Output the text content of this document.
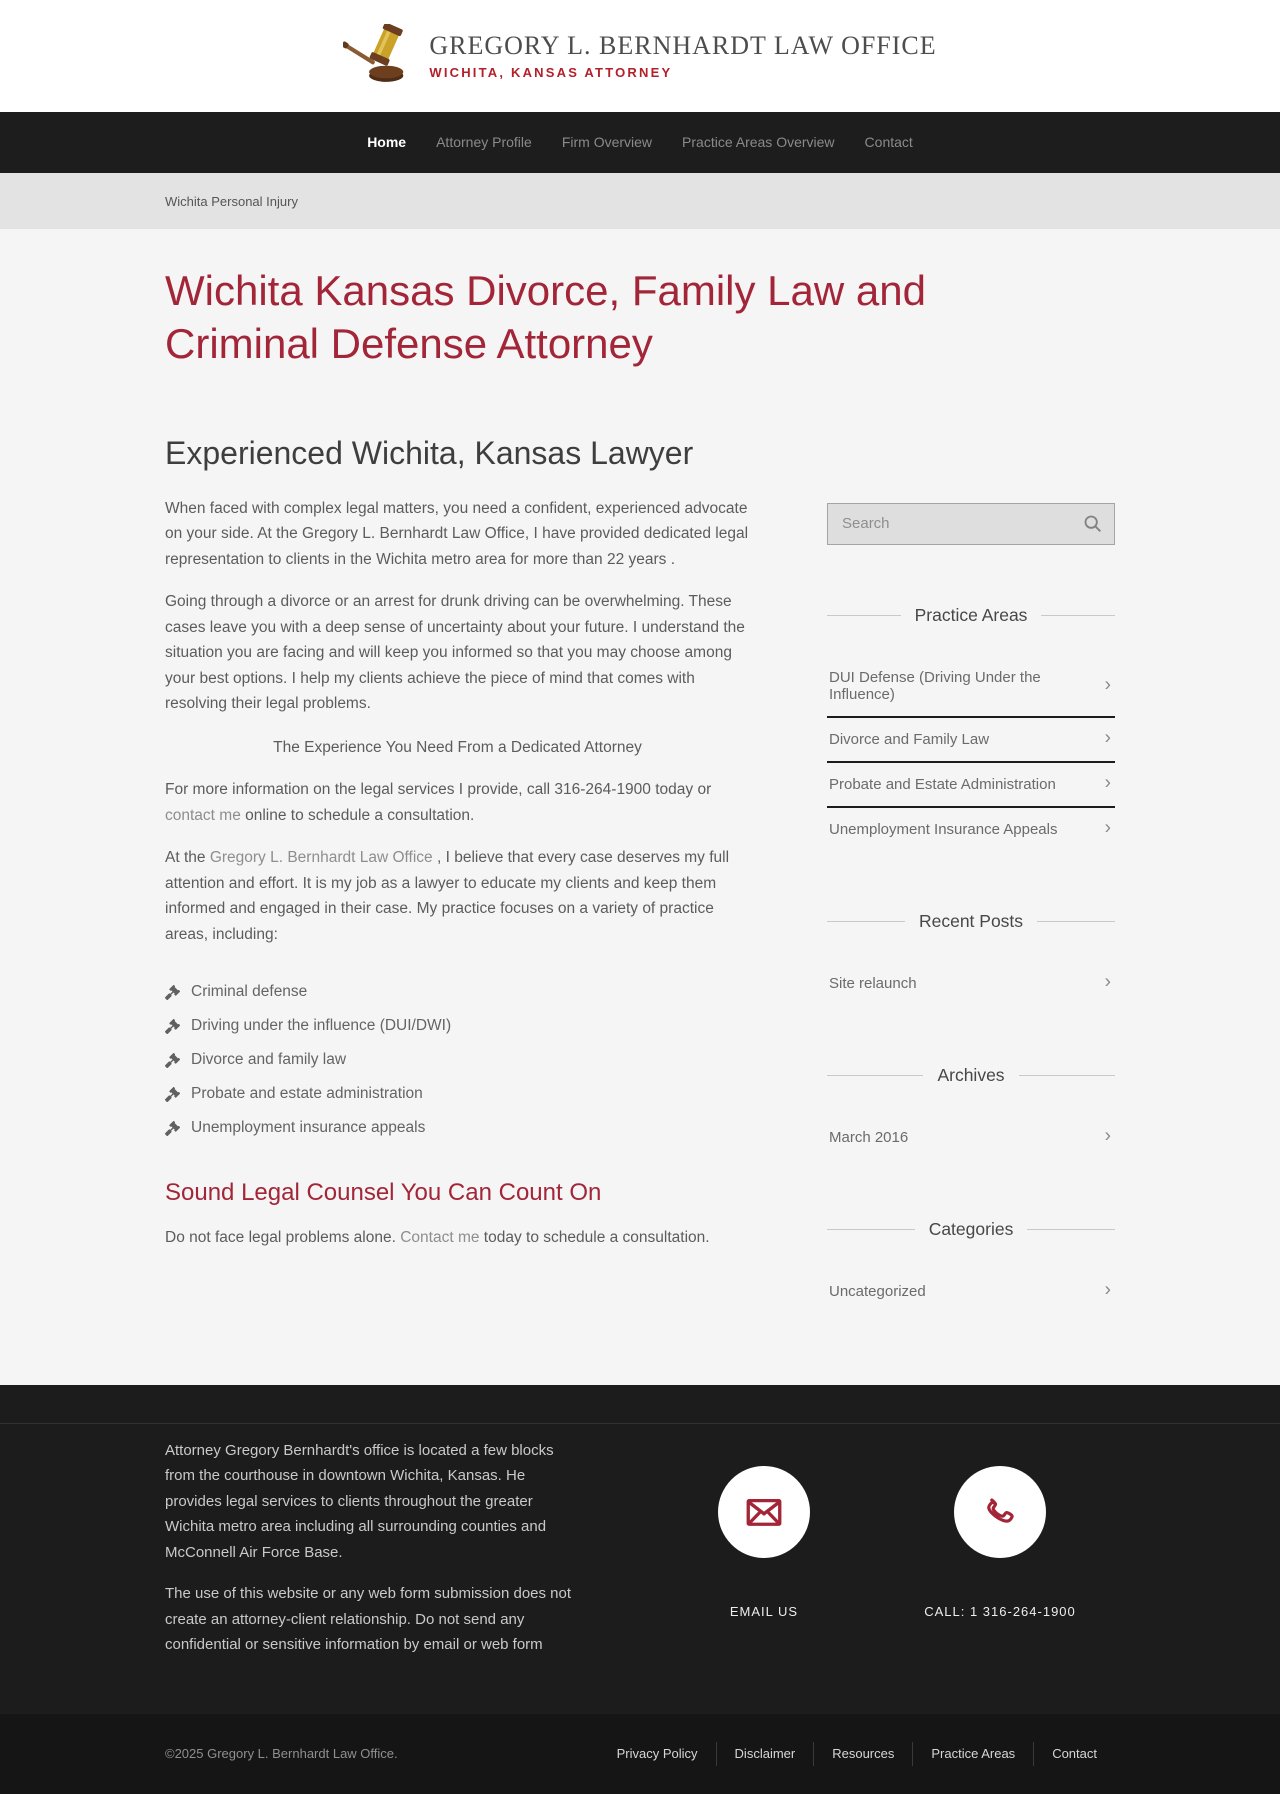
GREGORY L. BERNHARDT LAW OFFICE
WICHITA, KANSAS ATTORNEY
Home	Attorney Profile	Firm Overview	Practice Areas Overview	Contact
Wichita Personal Injury
Wichita Kansas Divorce, Family Law and Criminal Defense Attorney
Experienced Wichita, Kansas Lawyer

When faced with complex legal matters, you need a confident, experienced advocate on your side. At the Gregory L. Bernhardt Law Office, I have provided dedicated legal representation to clients in the Wichita metro area for more than 22 years .

Going through a divorce or an arrest for drunk driving can be overwhelming. These cases leave you with a deep sense of uncertainty about your future. I understand the situation you are facing and will keep you informed so that you may choose among your best options. I help my clients achieve the piece of mind that comes with resolving their legal problems.

The Experience You Need From a Dedicated Attorney

For more information on the legal services I provide, call 316-264-1900 today or contact me online to schedule a consultation.

At the Gregory L. Bernhardt Law Office , I believe that every case deserves my full attention and effort. It is my job as a lawyer to educate my clients and keep them informed and engaged in their case. My practice focuses on a variety of practice areas, including:

Criminal defense
Driving under the influence (DUI/DWI)
Divorce and family law
Probate and estate administration
Unemployment insurance appeals
Sound Legal Counsel You Can Count On

Do not face legal problems alone. Contact me today to schedule a consultation.

Search
Practice Areas
DUI Defense (Driving Under the Influence)	›
Divorce and Family Law	›
Probate and Estate Administration	›
Unemployment Insurance Appeals ›
Recent Posts
Site relaunch	›
Archives
March 2016	›
Categories
Uncategorized	›

Attorney Gregory Bernhardt's office is located a few blocks from the courthouse in downtown Wichita, Kansas. He provides legal services to clients throughout the greater Wichita metro area including all surrounding counties and McConnell Air Force Base.

The use of this website or any web form submission does not create an attorney-client relationship. Do not send any confidential or sensitive information by email or web form

EMAIL US	CALL: 1 316-264-1900
©2025 Gregory L. Bernhardt Law Office.	Privacy Policy	Disclaimer	Resources	Practice Areas	Contact
